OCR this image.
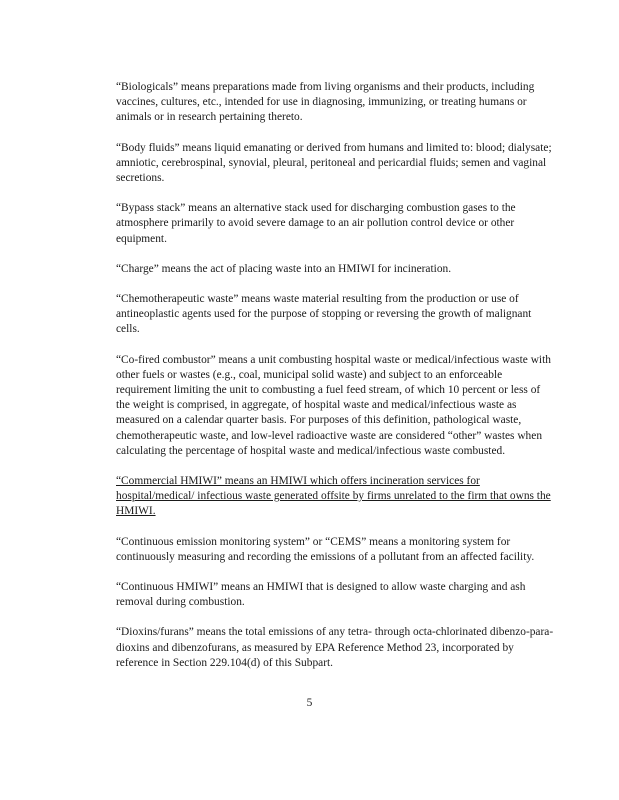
“Biologicals” means preparations made from living organisms and their products, including vaccines, cultures, etc., intended for use in diagnosing, immunizing, or treating humans or animals or in research pertaining thereto.

“Body fluids” means liquid emanating or derived from humans and limited to: blood; dialysate; amniotic, cerebrospinal, synovial, pleural, peritoneal and pericardial fluids; semen and vaginal secretions.

“Bypass stack” means an alternative stack used for discharging combustion gases to the atmosphere primarily to avoid severe damage to an air pollution control device or other equipment.

“Charge” means the act of placing waste into an HMIWI for incineration.

“Chemotherapeutic waste” means waste material resulting from the production or use of antineoplastic agents used for the purpose of stopping or reversing the growth of malignant cells.

“Co-fired combustor” means a unit combusting hospital waste or medical/infectious waste with other fuels or wastes (e.g., coal, municipal solid waste) and subject to an enforceable requirement limiting the unit to combusting a fuel feed stream, of which 10 percent or less of the weight is comprised, in aggregate, of hospital waste and medical/infectious waste as measured on a calendar quarter basis. For purposes of this definition, pathological waste, chemotherapeutic waste, and low-level radioactive waste are considered “other” wastes when calculating the percentage of hospital waste and medical/infectious waste combusted.

“Commercial HMIWI” means an HMIWI which offers incineration services for hospital/medical/ infectious waste generated offsite by firms unrelated to the firm that owns the HMIWI.

“Continuous emission monitoring system” or “CEMS” means a monitoring system for continuously measuring and recording the emissions of a pollutant from an affected facility.

“Continuous HMIWI” means an HMIWI that is designed to allow waste charging and ash removal during combustion.

“Dioxins/furans” means the total emissions of any tetra- through octa-chlorinated dibenzo-para-dioxins and dibenzofurans, as measured by EPA Reference Method 23, incorporated by reference in Section 229.104(d) of this Subpart.

5
